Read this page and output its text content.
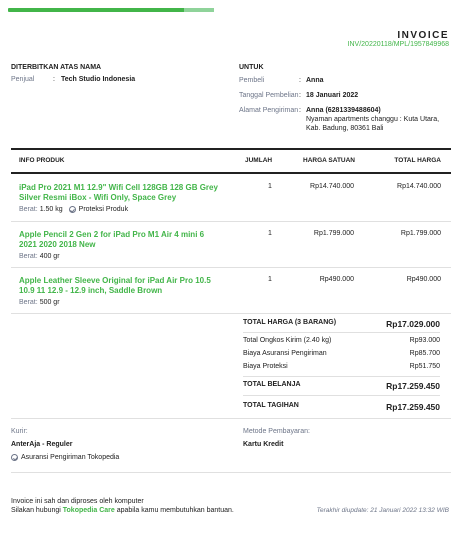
INVOICE
INV/20220118/MPL/1957849968
DITERBITKAN ATAS NAMA
Penjual	: Tech Studio Indonesia
UNTUK
Pembeli	: Anna
Tanggal Pembelian : 18 Januari 2022
Alamat Pengiriman : Anna (6281339488604)
Nyaman apartments changgu : Kuta Utara,
Kab. Badung, 80361 Bali
INFO PRODUK	JUMLAH	HARGA SATUAN	TOTAL HARGA
iPad Pro 2021 M1 12.9" Wifi Cell 128GB 128 GB Grey Silver Resmi iBox - Wifi Only, Space Grey
Berat: 1.50 kg Proteksi Produk
1	Rp14.740.000	Rp14.740.000
Apple Pencil 2 Gen 2 for iPad Pro M1 Air 4 mini 6 2021 2020 2018 New
Berat: 400 gr
1	Rp1.799.000	Rp1.799.000
Apple Leather Sleeve Original for iPad Air Pro 10.5 10.9 11 12.9 - 12.9 inch, Saddle Brown
Berat: 500 gr
1	Rp490.000	Rp490.000
TOTAL HARGA (3 BARANG)	Rp17.029.000
Total Ongkos Kirim (2.40 kg)	Rp93.000
Biaya Asuransi Pengiriman	Rp85.700
Biaya Proteksi	Rp51.750
TOTAL BELANJA	Rp17.259.450
TOTAL TAGIHAN	Rp17.259.450
Kurir:
AnterAja - Reguler
Asuransi Pengiriman Tokopedia
Metode Pembayaran:
Kartu Kredit
Invoice ini sah dan diproses oleh komputer
Silakan hubungi Tokopedia Care apabila kamu membutuhkan bantuan.	Terakhir diupdate: 21 Januari 2022 13:32 WIB
